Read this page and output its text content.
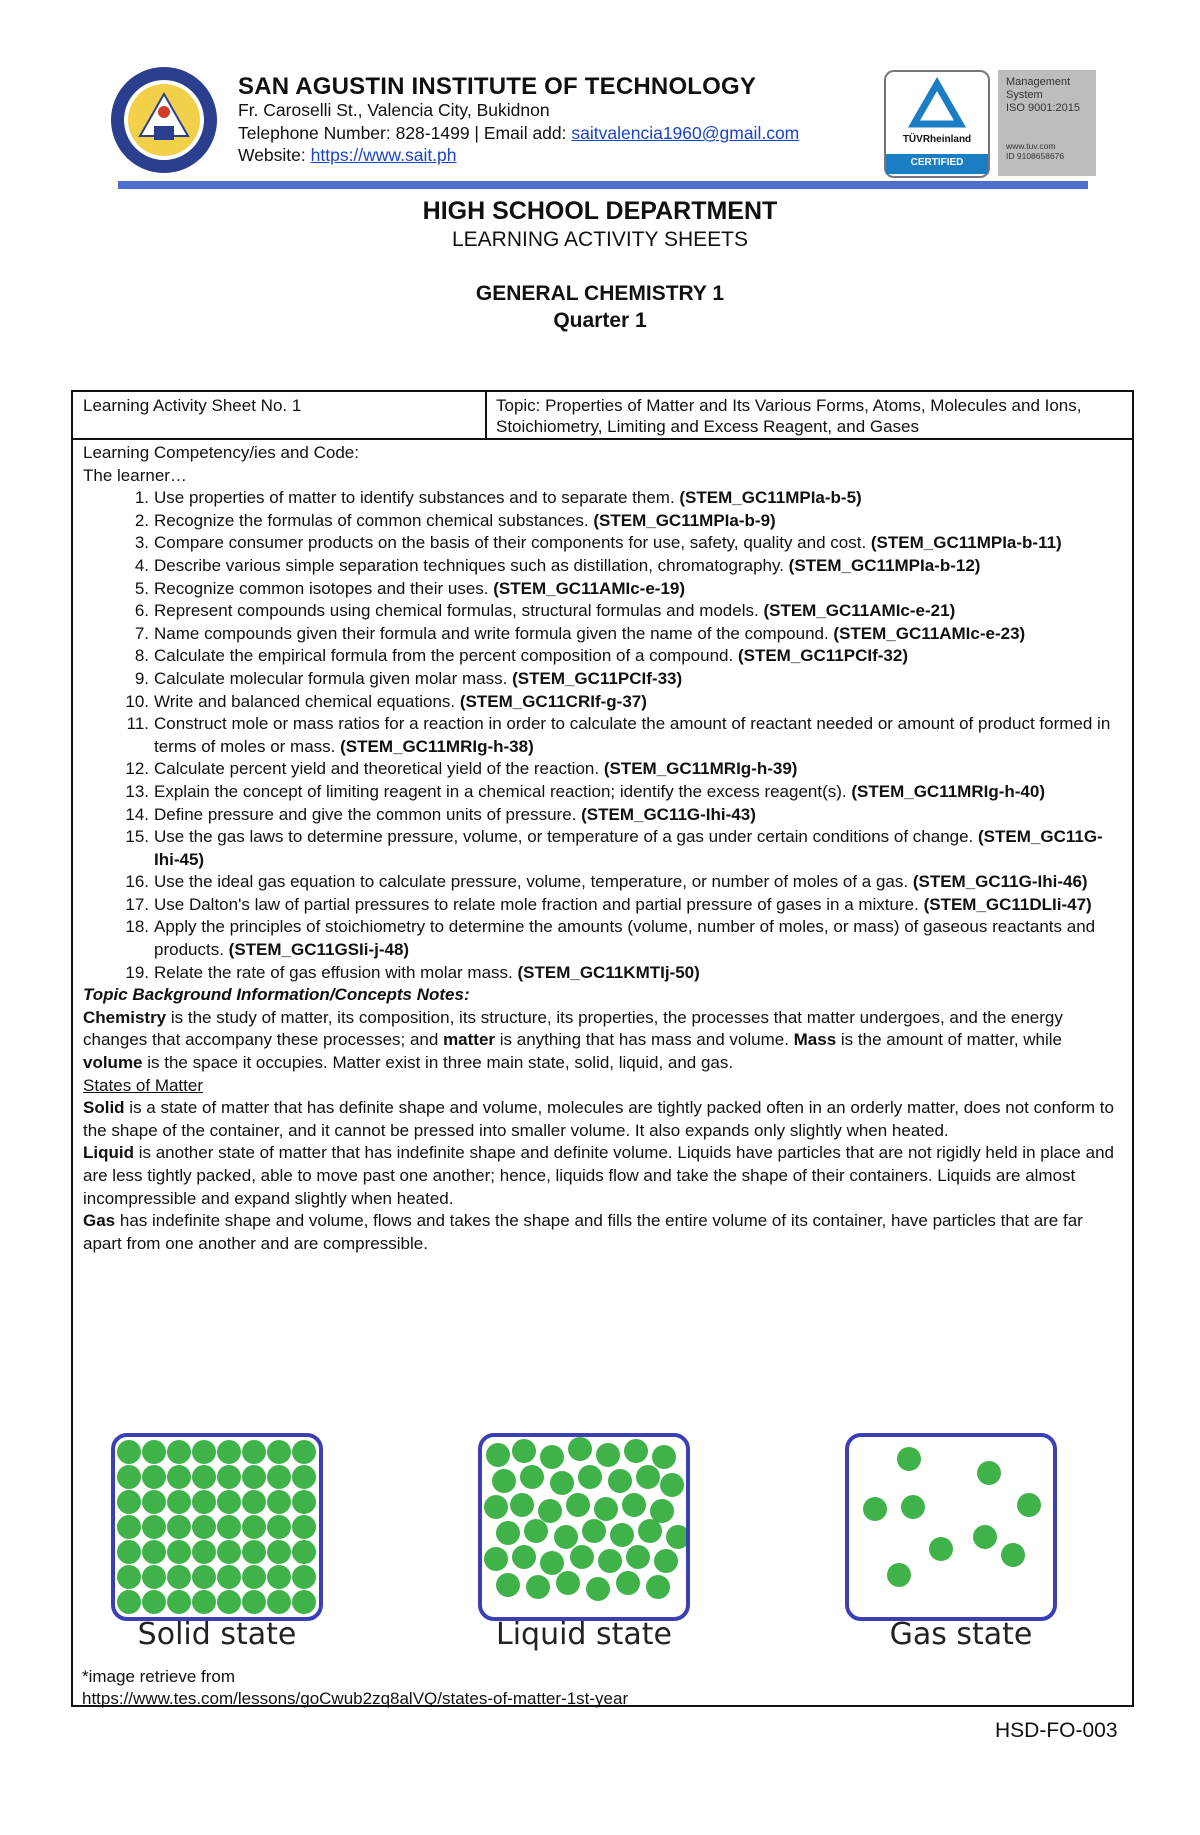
SAN AGUSTIN INSTITUTE OF TECHNOLOGY
Fr. Caroselli St., Valencia City, Bukidnon
Telephone Number: 828-1499 | Email add: saitvalencia1960@gmail.com
Website: https://www.sait.ph
TÜVRheinland
CERTIFIED
Management
System
ISO 9001:2015
www.tuv.com
ID 9108658676
HIGH SCHOOL DEPARTMENT
LEARNING ACTIVITY SHEETS
GENERAL CHEMISTRY 1
Quarter 1
Learning Activity Sheet No. 1	Topic: Properties of Matter and Its Various Forms, Atoms, Molecules and Ions, Stoichiometry, Limiting and Excess Reagent, and Gases
Learning Competency/ies and Code:
The learner…
1. Use properties of matter to identify substances and to separate them. (STEM_GC11MPIa-b-5)
2. Recognize the formulas of common chemical substances. (STEM_GC11MPIa-b-9)
3. Compare consumer products on the basis of their components for use, safety, quality and cost. (STEM_GC11MPIa-b-11)
4. Describe various simple separation techniques such as distillation, chromatography. (STEM_GC11MPIa-b-12)
5. Recognize common isotopes and their uses. (STEM_GC11AMIc-e-19)
6. Represent compounds using chemical formulas, structural formulas and models. (STEM_GC11AMIc-e-21)
7. Name compounds given their formula and write formula given the name of the compound. (STEM_GC11AMIc-e-23)
8. Calculate the empirical formula from the percent composition of a compound. (STEM_GC11PCIf-32)
9. Calculate molecular formula given molar mass. (STEM_GC11PCIf-33)
10. Write and balanced chemical equations. (STEM_GC11CRIf-g-37)
11. Construct mole or mass ratios for a reaction in order to calculate the amount of reactant needed or amount of product formed in terms of moles or mass. (STEM_GC11MRIg-h-38)
12. Calculate percent yield and theoretical yield of the reaction. (STEM_GC11MRIg-h-39)
13. Explain the concept of limiting reagent in a chemical reaction; identify the excess reagent(s). (STEM_GC11MRIg-h-40)
14. Define pressure and give the common units of pressure. (STEM_GC11G-Ihi-43)
15. Use the gas laws to determine pressure, volume, or temperature of a gas under certain conditions of change. (STEM_GC11G-Ihi-45)
16. Use the ideal gas equation to calculate pressure, volume, temperature, or number of moles of a gas. (STEM_GC11G-Ihi-46)
17. Use Dalton's law of partial pressures to relate mole fraction and partial pressure of gases in a mixture. (STEM_GC11DLIi-47)
18. Apply the principles of stoichiometry to determine the amounts (volume, number of moles, or mass) of gaseous reactants and products. (STEM_GC11GSIi-j-48)
19. Relate the rate of gas effusion with molar mass. (STEM_GC11KMTIj-50)
Topic Background Information/Concepts Notes:

Chemistry is the study of matter, its composition, its structure, its properties, the processes that matter undergoes, and the energy changes that accompany these processes; and matter is anything that has mass and volume. Mass is the amount of matter, while volume is the space it occupies. Matter exist in three main state, solid, liquid, and gas.

States of Matter

Solid is a state of matter that has definite shape and volume, molecules are tightly packed often in an orderly matter, does not conform to the shape of the container, and it cannot be pressed into smaller volume. It also expands only slightly when heated.

Liquid is another state of matter that has indefinite shape and definite volume. Liquids have particles that are not rigidly held in place and are less tightly packed, able to move past one another; hence, liquids flow and take the shape of their containers. Liquids are almost incompressible and expand slightly when heated.

Gas has indefinite shape and volume, flows and takes the shape and fills the entire volume of its container, have particles that are far apart from one another and are compressible.

Solid state	Liquid state	Gas state
*image retrieve from
https://www.tes.com/lessons/goCwub2zq8alVQ/states-of-matter-1st-year
HSD-FO-003
